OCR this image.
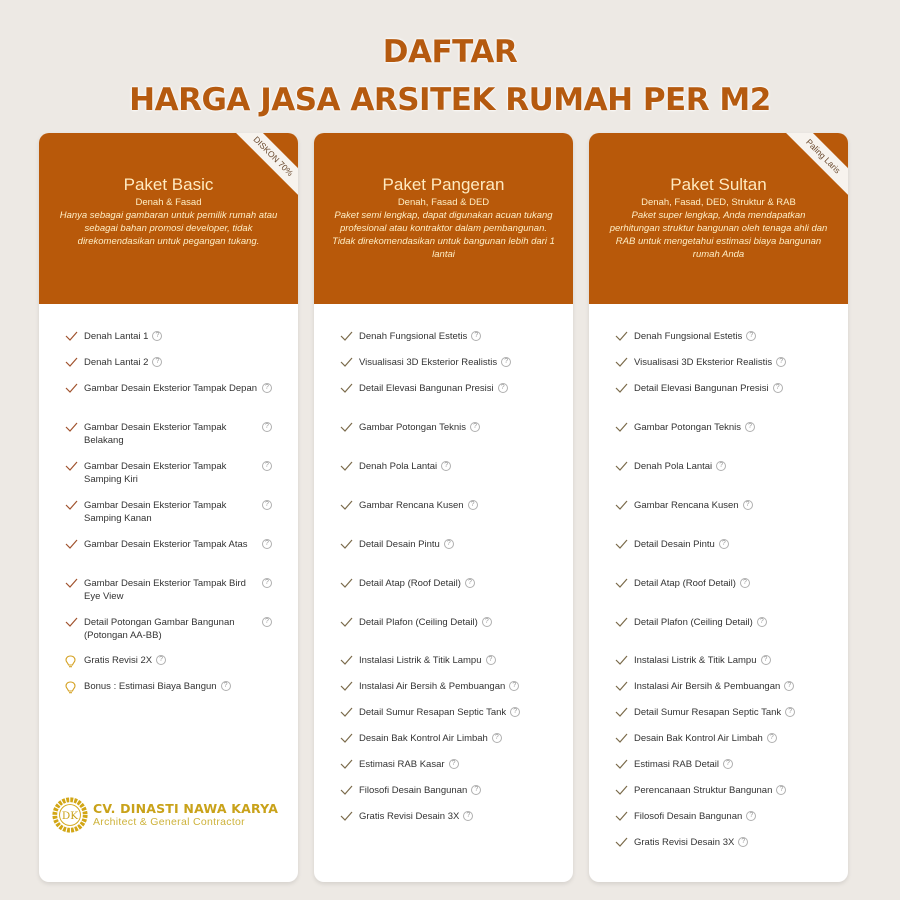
DAFTAR
HARGA JASA ARSITEK RUMAH PER M2
DISKON 70%
Paket Basic
Denah & Fasad
Hanya sebagai gambaran untuk pemilik rumah atau sebagai bahan promosi developer, tidak direkomendasikan untuk pegangan tukang.
Denah Lantai 1	?
Denah Lantai 2	?
Gambar Desain Eksterior Tampak Depan	?
Gambar Desain Eksterior Tampak Belakang
?
Gambar Desain Eksterior Tampak Samping Kiri
?
Gambar Desain Eksterior Tampak Samping Kanan
?
Gambar Desain Eksterior Tampak Atas	?
Gambar Desain Eksterior Tampak Bird Eye View
?
Detail Potongan Gambar Bangunan (Potongan AA-BB)
?
Gratis Revisi 2X	?
Bonus : Estimasi Biaya Bangun	?
DK CV. DINASTI NAWA KARYA
Architect & General Contractor
Paket Pangeran
Denah, Fasad & DED
Paket semi lengkap, dapat digunakan acuan tukang profesional atau kontraktor dalam pembangunan. Tidak direkomendasikan untuk bangunan lebih dari 1 lantai
Denah Fungsional Estetis	?
Visualisasi 3D Eksterior Realistis	?
Detail Elevasi Bangunan Presisi	?
Gambar Potongan Teknis	?
Denah Pola Lantai	?
Gambar Rencana Kusen	?
Detail Desain Pintu	?
Detail Atap (Roof Detail)	?
Detail Plafon (Ceiling Detail)	?
Instalasi Listrik & Titik Lampu	?
Instalasi Air Bersih & Pembuangan	?
Detail Sumur Resapan Septic Tank	?
Desain Bak Kontrol Air Limbah	?
Estimasi RAB Kasar	?
Filosofi Desain Bangunan	?
Gratis Revisi Desain 3X	?
Paling Laris
Paket Sultan
Denah, Fasad, DED, Struktur & RAB
Paket super lengkap, Anda mendapatkan perhitungan struktur bangunan oleh tenaga ahli dan RAB untuk mengetahui estimasi biaya bangunan rumah Anda
Denah Fungsional Estetis	?
Visualisasi 3D Eksterior Realistis	?
Detail Elevasi Bangunan Presisi	?
Gambar Potongan Teknis	?
Denah Pola Lantai	?
Gambar Rencana Kusen	?
Detail Desain Pintu	?
Detail Atap (Roof Detail)	?
Detail Plafon (Ceiling Detail)	?
Instalasi Listrik & Titik Lampu	?
Instalasi Air Bersih & Pembuangan	?
Detail Sumur Resapan Septic Tank	?
Desain Bak Kontrol Air Limbah	?
Estimasi RAB Detail	?
Perencanaan Struktur Bangunan	?
Filosofi Desain Bangunan	?
Gratis Revisi Desain 3X	?
